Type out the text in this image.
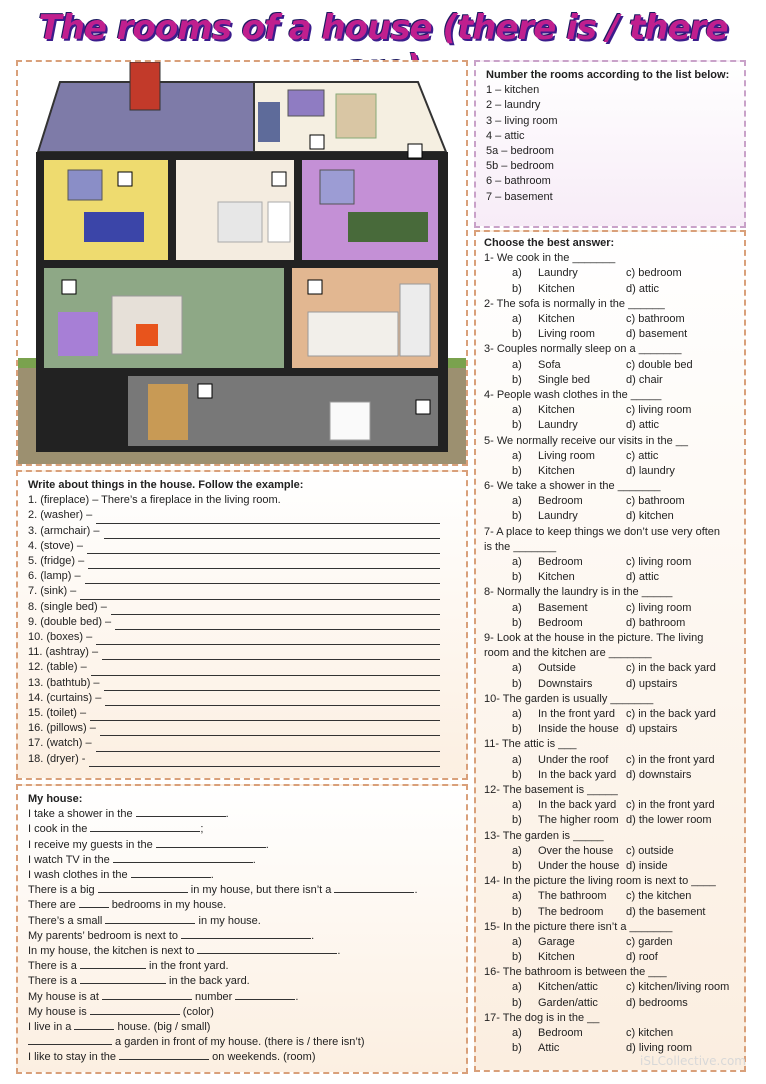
The rooms of a house (there is / there
Number the rooms according to the list below:
1 – kitchen
2 – laundry
3 – living room
4 – attic
5a – bedroom
5b – bedroom
6 – bathroom
7 – basement
Write about things in the house. Follow the example:
1. (fireplace) – There’s a fireplace in the living room.
2. (washer) –
3. (armchair) –
4. (stove) –
5. (fridge) –
6. (lamp) –
7. (sink) –
8. (single bed) –
9. (double bed) –
10. (boxes) –
11. (ashtray) –
12. (table) –
13. (bathtub) –
14. (curtains) –
15. (toilet) –
16. (pillows) –
17. (watch) –
18. (dryer) -
My house:
I take a shower in the	.
I cook in the	;
I receive my guests in the	.
I watch TV in the	.
I wash clothes in the	.
There is a big	in my house, but there isn’t a	.
There are	bedrooms in my house.
There’s a small	in my house.
My parents’ bedroom is next to	.
In my house, the kitchen is next to	.
There is a	in the front yard.
There is a	in the back yard.
My house is at	number	.
My house is	(color)
I live in a	house. (big / small)
a garden in front of my house. (there is / there isn’t)
I like to stay in the	on weekends. (room)
Choose the best answer:
1- We cook in the _______
a) Laundry	c) bedroom
b) Kitchen	d) attic
2- The sofa is normally in the ______
a) Kitchen	c) bathroom
b) Living room	d) basement
3- Couples normally sleep on a _______
a) Sofa	c) double bed
b) Single bed	d) chair
4- People wash clothes in the _____
a) Kitchen	c) living room
b) Laundry	d) attic
5- We normally receive our visits in the __
a) Living room	c) attic
b) Kitchen	d) laundry
6- We take a shower in the _______
a) Bedroom	c) bathroom
b) Laundry	d) kitchen
7- A place to keep things we don’t use very often
is the _______
a) Bedroom	c) living room
b) Kitchen	d) attic
8- Normally the laundry is in the _____
a) Basement	c) living room
b) Bedroom	d) bathroom
9- Look at the house in the picture. The living
room and the kitchen are _______
a) Outside	c) in the back yard
b) Downstairs	d) upstairs
10- The garden is usually _______
a) In the front yard c) in the back yard
b) Inside the house d) upstairs
11- The attic is ___
a) Under the roof c) in the front yard
b) In the back yard d) downstairs
12- The basement is _____
a) In the back yard c) in the front yard
b) The higher room d) the lower room
13- The garden is _____
a) Over the house c) outside
b) Under the house d) inside
14- In the picture the living room is next to ____
a) The bathroom c) the kitchen
b) The bedroom d) the basement
15- In the picture there isn’t a _______
a) Garage	c) garden
b) Kitchen	d) roof
16- The bathroom is between the ___
a) Kitchen/attic	c) kitchen/living room
b) Garden/attic	d) bedrooms
17- The dog is in the __
a) Bedroom	c) kitchen
b) Attic	d) living room
iSLCollective.com
